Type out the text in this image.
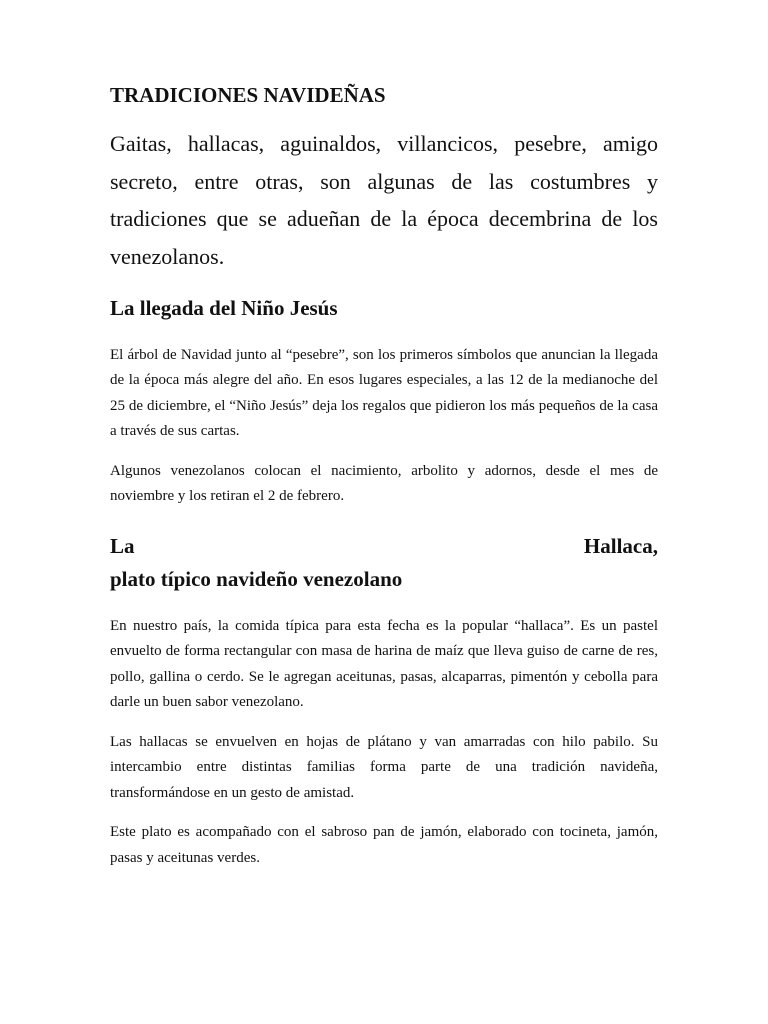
TRADICIONES NAVIDEÑAS

Gaitas, hallacas, aguinaldos, villancicos, pesebre, amigo secreto, entre otras, son algunas de las costumbres y tradiciones que se adueñan de la época decembrina de los venezolanos.

La llegada del Niño Jesús

El árbol de Navidad junto al “pesebre”, son los primeros símbolos que anuncian la llegada de la época más alegre del año. En esos lugares especiales, a las 12 de la medianoche del 25 de diciembre, el “Niño Jesús” deja los regalos que pidieron los más pequeños de la casa a través de sus cartas.

Algunos venezolanos colocan el nacimiento, arbolito y adornos, desde el mes de noviembre y los retiran el 2 de febrero.

La	Hallaca,
plato típico navideño venezolano

En nuestro país, la comida típica para esta fecha es la popular “hallaca”. Es un pastel envuelto de forma rectangular con masa de harina de maíz que lleva guiso de carne de res, pollo, gallina o cerdo. Se le agregan aceitunas, pasas, alcaparras, pimentón y cebolla para darle un buen sabor venezolano.

Las hallacas se envuelven en hojas de plátano y van amarradas con hilo pabilo. Su intercambio entre distintas familias forma parte de una tradición navideña, transformándose en un gesto de amistad.

Este plato es acompañado con el sabroso pan de jamón, elaborado con tocineta, jamón, pasas y aceitunas verdes.
